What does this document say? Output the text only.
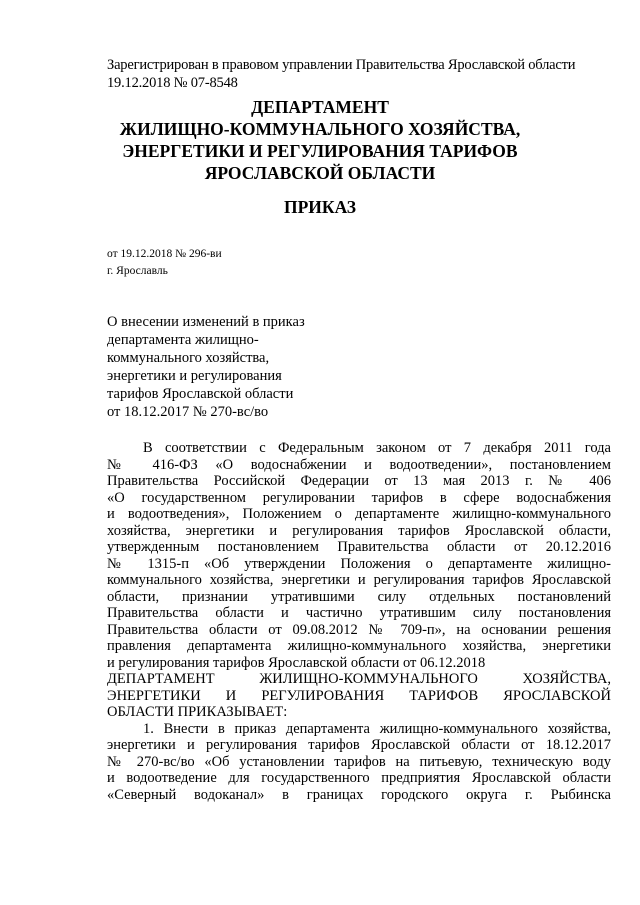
Зарегистрирован в правовом управлении Правительства Ярославской области
19.12.2018 № 07-8548
ДЕПАРТАМЕНТ
ЖИЛИЩНО-КОММУНАЛЬНОГО ХОЗЯЙСТВА,
ЭНЕРГЕТИКИ И РЕГУЛИРОВАНИЯ ТАРИФОВ
ЯРОСЛАВСКОЙ ОБЛАСТИ
ПРИКАЗ
от 19.12.2018 № 296-ви
г. Ярославль
О внесении изменений в приказ
департамента жилищно-
коммунального хозяйства,
энергетики и регулирования
тарифов Ярославской области
от 18.12.2017 № 270-вс/во
В соответствии с Федеральным законом от 7 декабря 2011 года
№ 416-ФЗ «О водоснабжении и водоотведении», постановлением
Правительства Российской Федерации от 13 мая 2013 г. № 406
«О государственном регулировании тарифов в сфере водоснабжения
и водоотведения», Положением о департаменте жилищно-коммунального
хозяйства, энергетики и регулирования тарифов Ярославской области,
утвержденным постановлением Правительства области от 20.12.2016
№ 1315-п «Об утверждении Положения о департаменте жилищно-
коммунального хозяйства, энергетики и регулирования тарифов Ярославской
области, признании утратившими силу отдельных постановлений
Правительства области и частично утратившим силу постановления
Правительства области от 09.08.2012 № 709-п», на основании решения
правления департамента жилищно-коммунального хозяйства, энергетики
и регулирования тарифов Ярославской области от 06.12.2018
ДЕПАРТАМЕНТ ЖИЛИЩНО-КОММУНАЛЬНОГО ХОЗЯЙСТВА,
ЭНЕРГЕТИКИ И РЕГУЛИРОВАНИЯ ТАРИФОВ ЯРОСЛАВСКОЙ
ОБЛАСТИ ПРИКАЗЫВАЕТ:
1. Внести в приказ департамента жилищно-коммунального хозяйства,
энергетики и регулирования тарифов Ярославской области от 18.12.2017
№ 270-вс/во «Об установлении тарифов на питьевую, техническую воду
и водоотведение для государственного предприятия Ярославской области
«Северный водоканал» в границах городского округа г. Рыбинска
